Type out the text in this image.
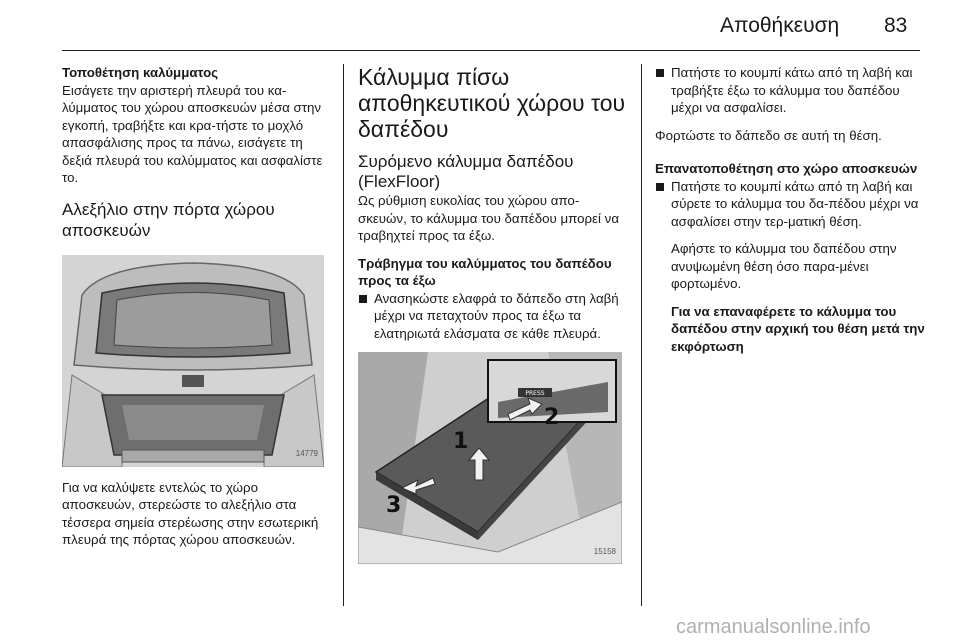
Αποθήκευση 83

Τοποθέτηση καλύμματος

Εισάγετε την αριστερή πλευρά του κα-λύμματος του χώρου αποσκευών μέσα στην εγκοπή, τραβήξτε και κρα-τήστε το μοχλό απασφάλισης προς τα πάνω, εισάγετε τη δεξιά πλευρά του καλύμματος και ασφαλίστε το.

Αλεξήλιο στην πόρτα χώρου αποσκευών
14779

Για να καλύψετε εντελώς το χώρο αποσκευών, στερεώστε το αλεξήλιο στα τέσσερα σημεία στερέωσης στην εσωτερική πλευρά της πόρτας χώρου αποσκευών.

Κάλυμμα πίσω αποθηκευτικού χώρου του δαπέδου
Συρόμενο κάλυμμα δαπέδου (FlexFloor)

Ως ρύθμιση ευκολίας του χώρου απο-σκευών, το κάλυμμα του δαπέδου μπορεί να τραβηχτεί προς τα έξω.

Τράβηγμα του καλύμματος του δαπέδου προς τα έξω

Ανασηκώστε ελαφρά το δάπεδο στη λαβή μέχρι να πεταχτούν προς τα έξω τα ελατηριωτά ελάσματα σε κάθε πλευρά.
PRESS
1
2
3
15158
Πατήστε το κουμπί κάτω από τη λαβή και τραβήξτε έξω το κάλυμμα του δαπέδου μέχρι να ασφαλίσει.

Φορτώστε το δάπεδο σε αυτή τη θέση.

Επανατοποθέτηση στο χώρο αποσκευών

Πατήστε το κουμπί κάτω από τη λαβή και σύρετε το κάλυμμα του δα-πέδου μέχρι να ασφαλίσει στην τερ-ματική θέση.

Αφήστε το κάλυμμα του δαπέδου στην ανυψωμένη θέση όσο παρα-μένει φορτωμένο.

Για να επαναφέρετε το κάλυμμα του δαπέδου στην αρχική του θέση μετά την εκφόρτωση

carmanualsonline.info
